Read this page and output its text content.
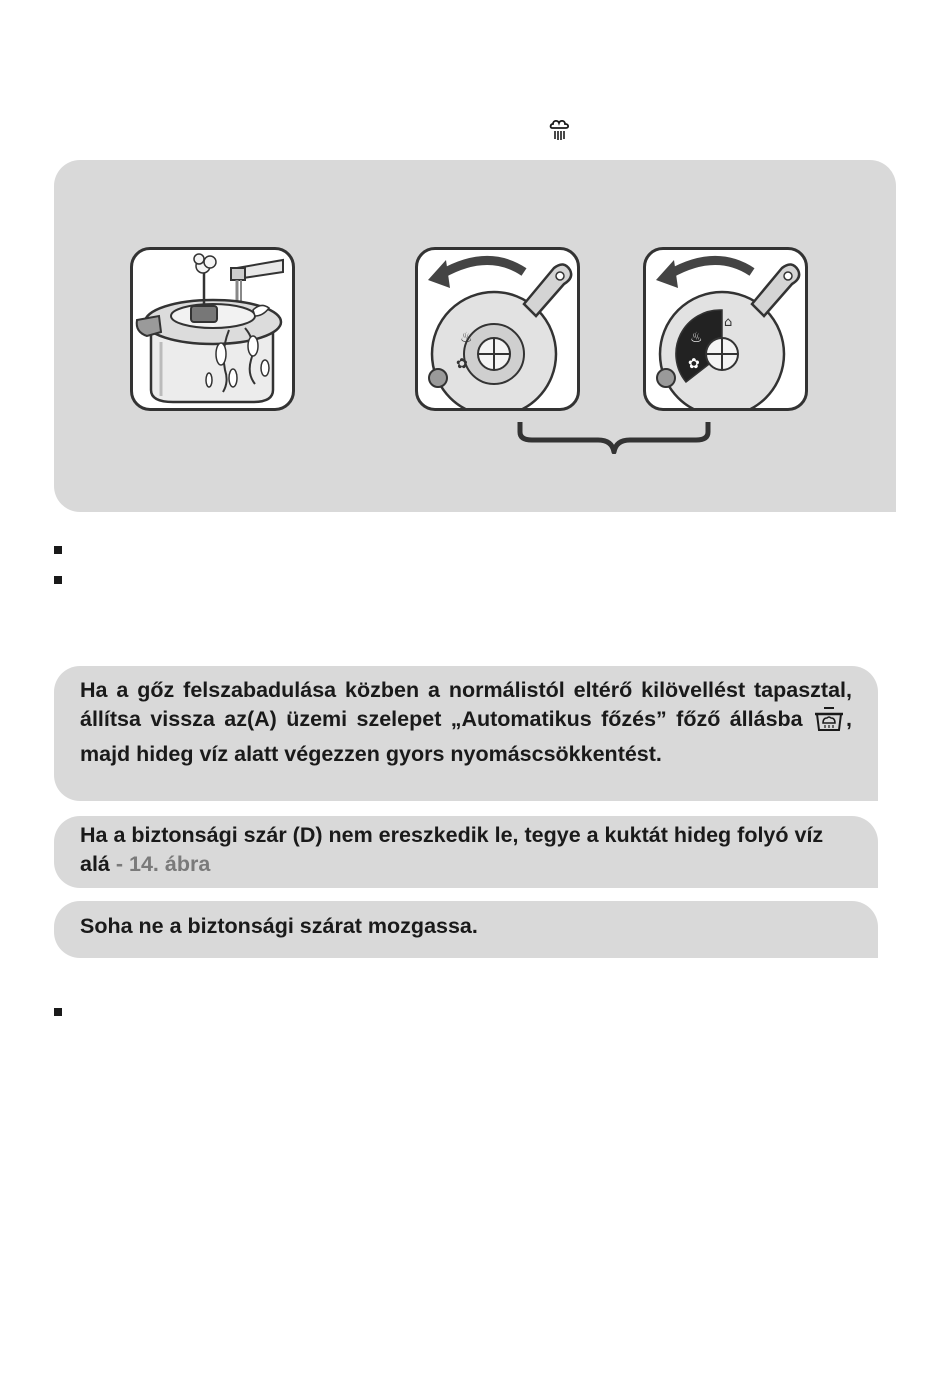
♨
✿
♨
✿
⌂
Ha a gőz felszabadulása közben a normálistól eltérő kilövellést tapasztal, állítsa vissza az(A) üzemi szelepet „Automatikus főzés” főző állásba , majd hideg víz alatt végezzen gyors nyomáscsökkentést.
Ha a biztonsági szár (D) nem ereszkedik le, tegye a kuktát hideg folyó víz alá - 14. ábra
Soha ne a biztonsági szárat mozgassa.
